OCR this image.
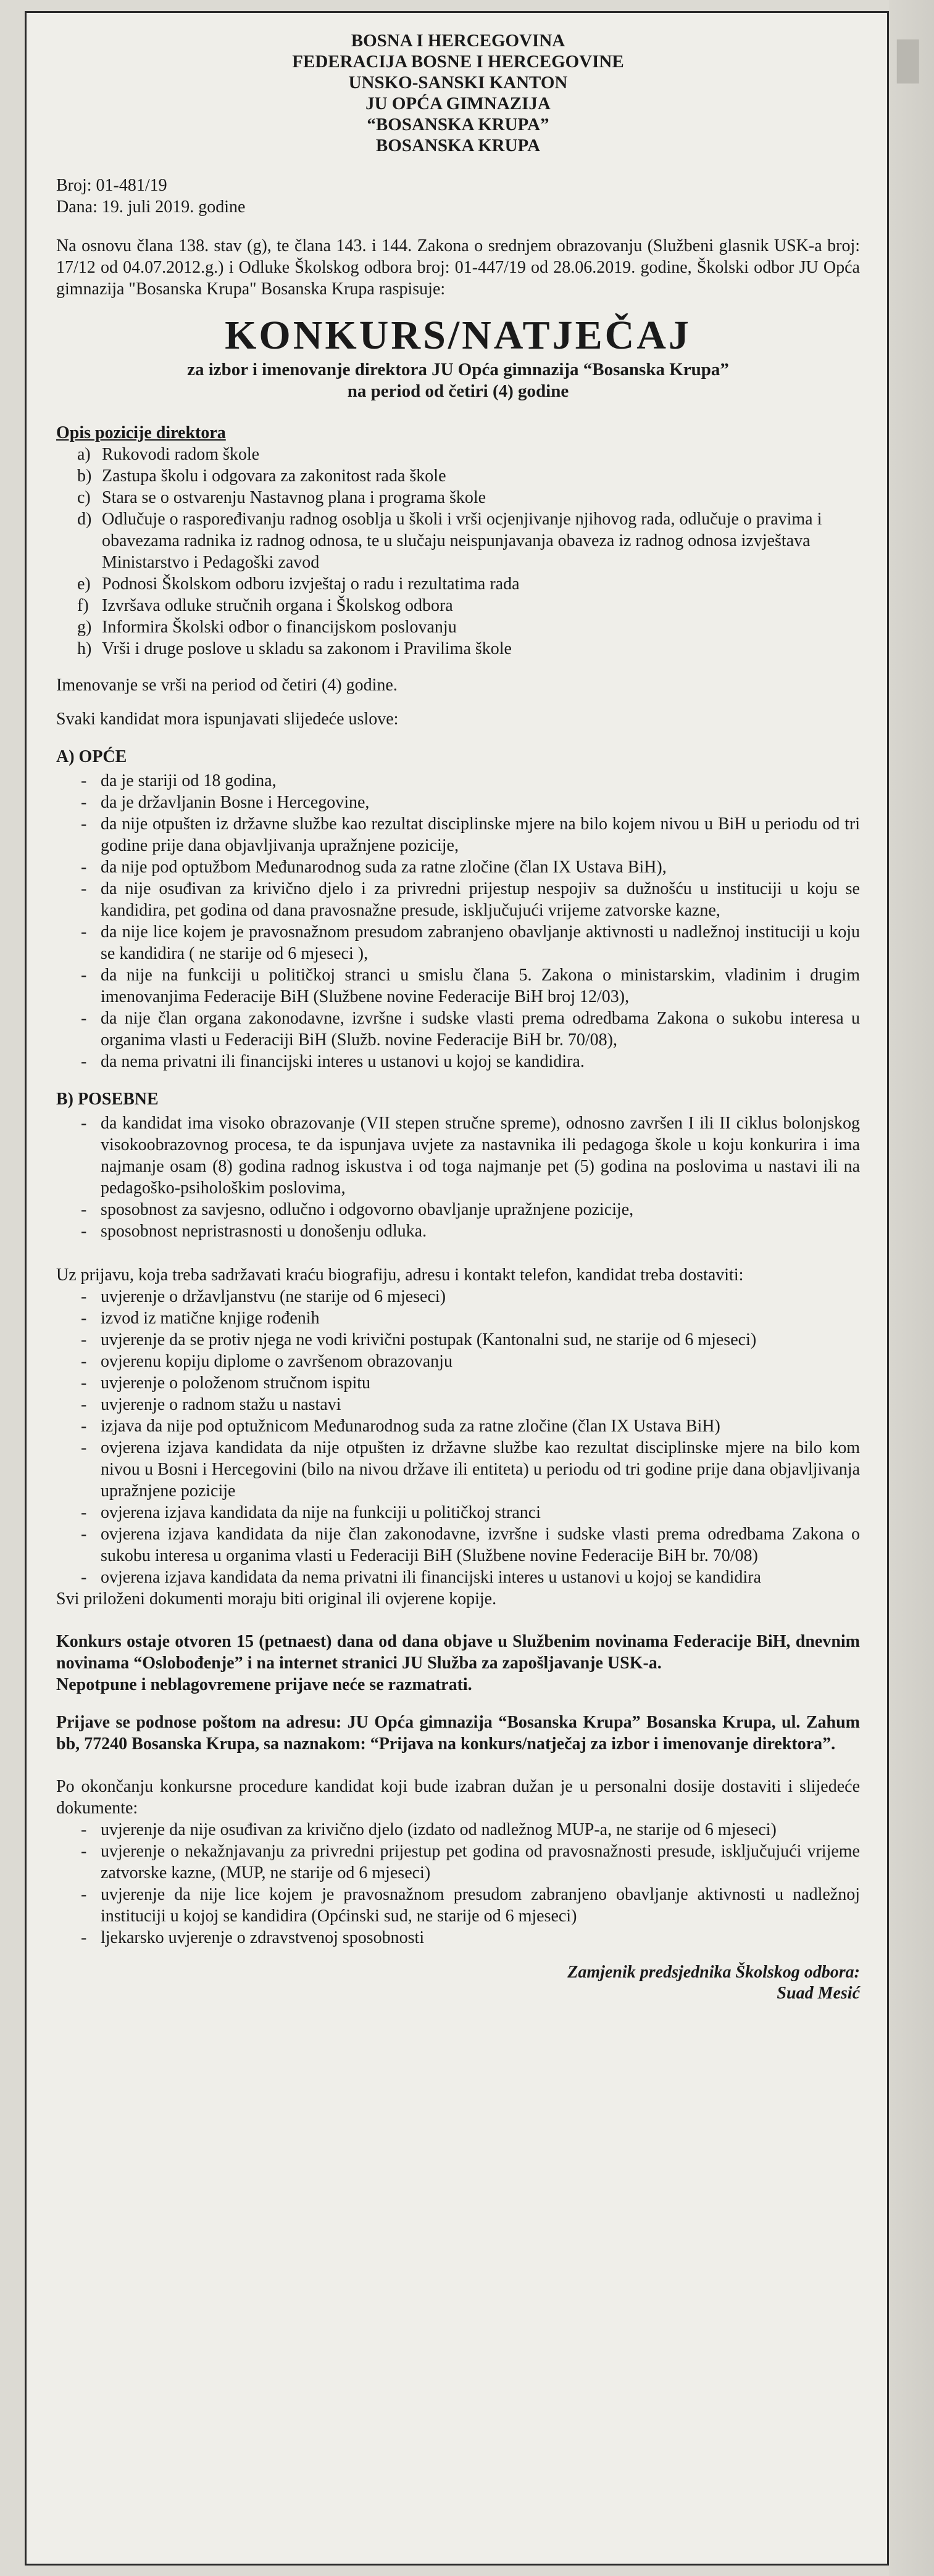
▮
BOSNA I HERCEGOVINA
FEDERACIJA BOSNE I HERCEGOVINE
UNSKO-SANSKI KANTON
JU OPĆA GIMNAZIJA
“BOSANSKA KRUPA”
BOSANSKA KRUPA
Broj: 01-481/19
Dana: 19. juli 2019. godine

Na osnovu člana 138. stav (g), te člana 143. i 144. Zakona o srednjem obrazovanju (Službeni glasnik USK-a broj: 17/12 od 04.07.2012.g.) i Odluke Školskog odbora broj: 01-447/19 od 28.06.2019. godine, Školski odbor JU Opća gimnazija "Bosanska Krupa" Bosanska Krupa raspisuje:

KONKURS/NATJEČAJ
za izbor i imenovanje direktora JU Opća gimnazija “Bosanska Krupa”
na period od četiri (4) godine
Opis pozicije direktora
a) Rukovodi radom škole
b) Zastupa školu i odgovara za zakonitost rada škole
c) Stara se o ostvarenju Nastavnog plana i programa škole
d) Odlučuje o raspoređivanju radnog osoblja u školi i vrši ocjenjivanje njihovog rada, odlučuje o pravima i obavezama radnika iz radnog odnosa, te u slučaju neispunjavanja obaveza iz radnog odnosa izvještava Ministarstvo i Pedagoški zavod
e) Podnosi Školskom odboru izvještaj o radu i rezultatima rada
f) Izvršava odluke stručnih organa i Školskog odbora
g) Informira Školski odbor o financijskom poslovanju
h) Vrši i druge poslove u skladu sa zakonom i Pravilima škole

Imenovanje se vrši na period od četiri (4) godine.

Svaki kandidat mora ispunjavati slijedeće uslove:

A) OPĆE
- da je stariji od 18 godina,
- da je državljanin Bosne i Hercegovine,
- da nije otpušten iz državne službe kao rezultat disciplinske mjere na bilo kojem nivou u BiH u periodu od tri godine prije dana objavljivanja upražnjene pozicije,
- da nije pod optužbom Međunarodnog suda za ratne zločine (član IX Ustava BiH),
- da nije osuđivan za krivično djelo i za privredni prijestup nespojiv sa dužnošću u instituciji u koju se kandidira, pet godina od dana pravosnažne presude, isključujući vrijeme zatvorske kazne,
- da nije lice kojem je pravosnažnom presudom zabranjeno obavljanje aktivnosti u nadležnoj instituciji u koju se kandidira ( ne starije od 6 mjeseci ),
- da nije na funkciji u političkoj stranci u smislu člana 5. Zakona o ministarskim, vladinim i drugim imenovanjima Federacije BiH (Službene novine Federacije BiH broj 12/03),
- da nije član organa zakonodavne, izvršne i sudske vlasti prema odredbama Zakona o sukobu interesa u organima vlasti u Federaciji BiH (Služb. novine Federacije BiH br. 70/08),
- da nema privatni ili financijski interes u ustanovi u kojoj se kandidira.
B) POSEBNE
- da kandidat ima visoko obrazovanje (VII stepen stručne spreme), odnosno završen I ili II ciklus bolonjskog visokoobrazovnog procesa, te da ispunjava uvjete za nastavnika ili pedagoga škole u koju konkurira i ima najmanje osam (8) godina radnog iskustva i od toga najmanje pet (5) godina na poslovima u nastavi ili na pedagoško-psihološkim poslovima,
- sposobnost za savjesno, odlučno i odgovorno obavljanje upražnjene pozicije,
- sposobnost nepristrasnosti u donošenju odluka.

Uz prijavu, koja treba sadržavati kraću biografiju, adresu i kontakt telefon, kandidat treba dostaviti:

- uvjerenje o državljanstvu (ne starije od 6 mjeseci)
- izvod iz matične knjige rođenih
- uvjerenje da se protiv njega ne vodi krivični postupak (Kantonalni sud, ne starije od 6 mjeseci)
- ovjerenu kopiju diplome o završenom obrazovanju
- uvjerenje o položenom stručnom ispitu
- uvjerenje o radnom stažu u nastavi
- izjava da nije pod optužnicom Međunarodnog suda za ratne zločine (član IX Ustava BiH)
- ovjerena izjava kandidata da nije otpušten iz državne službe kao rezultat disciplinske mjere na bilo kom nivou u Bosni i Hercegovini (bilo na nivou države ili entiteta) u periodu od tri godine prije dana objavljivanja upražnjene pozicije
- ovjerena izjava kandidata da nije na funkciji u političkoj stranci
- ovjerena izjava kandidata da nije član zakonodavne, izvršne i sudske vlasti prema odredbama Zakona o sukobu interesa u organima vlasti u Federaciji BiH (Službene novine Federacije BiH br. 70/08)
- ovjerena izjava kandidata da nema privatni ili financijski interes u ustanovi u kojoj se kandidira

Svi priloženi dokumenti moraju biti original ili ovjerene kopije.

Konkurs ostaje otvoren 15 (petnaest) dana od dana objave u Službenim novinama Federacije BiH, dnevnim novinama “Oslobođenje” i na internet stranici JU Služba za zapošljavanje USK-a.

Nepotpune i neblagovremene prijave neće se razmatrati.

Prijave se podnose poštom na adresu: JU Opća gimnazija “Bosanska Krupa” Bosanska Krupa, ul. Zahum bb, 77240 Bosanska Krupa, sa naznakom: “Prijava na konkurs/natječaj za izbor i imenovanje direktora”.

Po okončanju konkursne procedure kandidat koji bude izabran dužan je u personalni dosije dostaviti i slijedeće dokumente:

- uvjerenje da nije osuđivan za krivično djelo (izdato od nadležnog MUP-a, ne starije od 6 mjeseci)
- uvjerenje o nekažnjavanju za privredni prijestup pet godina od pravosnažnosti presude, isključujući vrijeme zatvorske kazne, (MUP, ne starije od 6 mjeseci)
- uvjerenje da nije lice kojem je pravosnažnom presudom zabranjeno obavljanje aktivnosti u nadležnoj instituciji u kojoj se kandidira (Općinski sud, ne starije od 6 mjeseci)
- ljekarsko uvjerenje o zdravstvenoj sposobnosti
Zamjenik predsjednika Školskog odbora:
Suad Mesić
